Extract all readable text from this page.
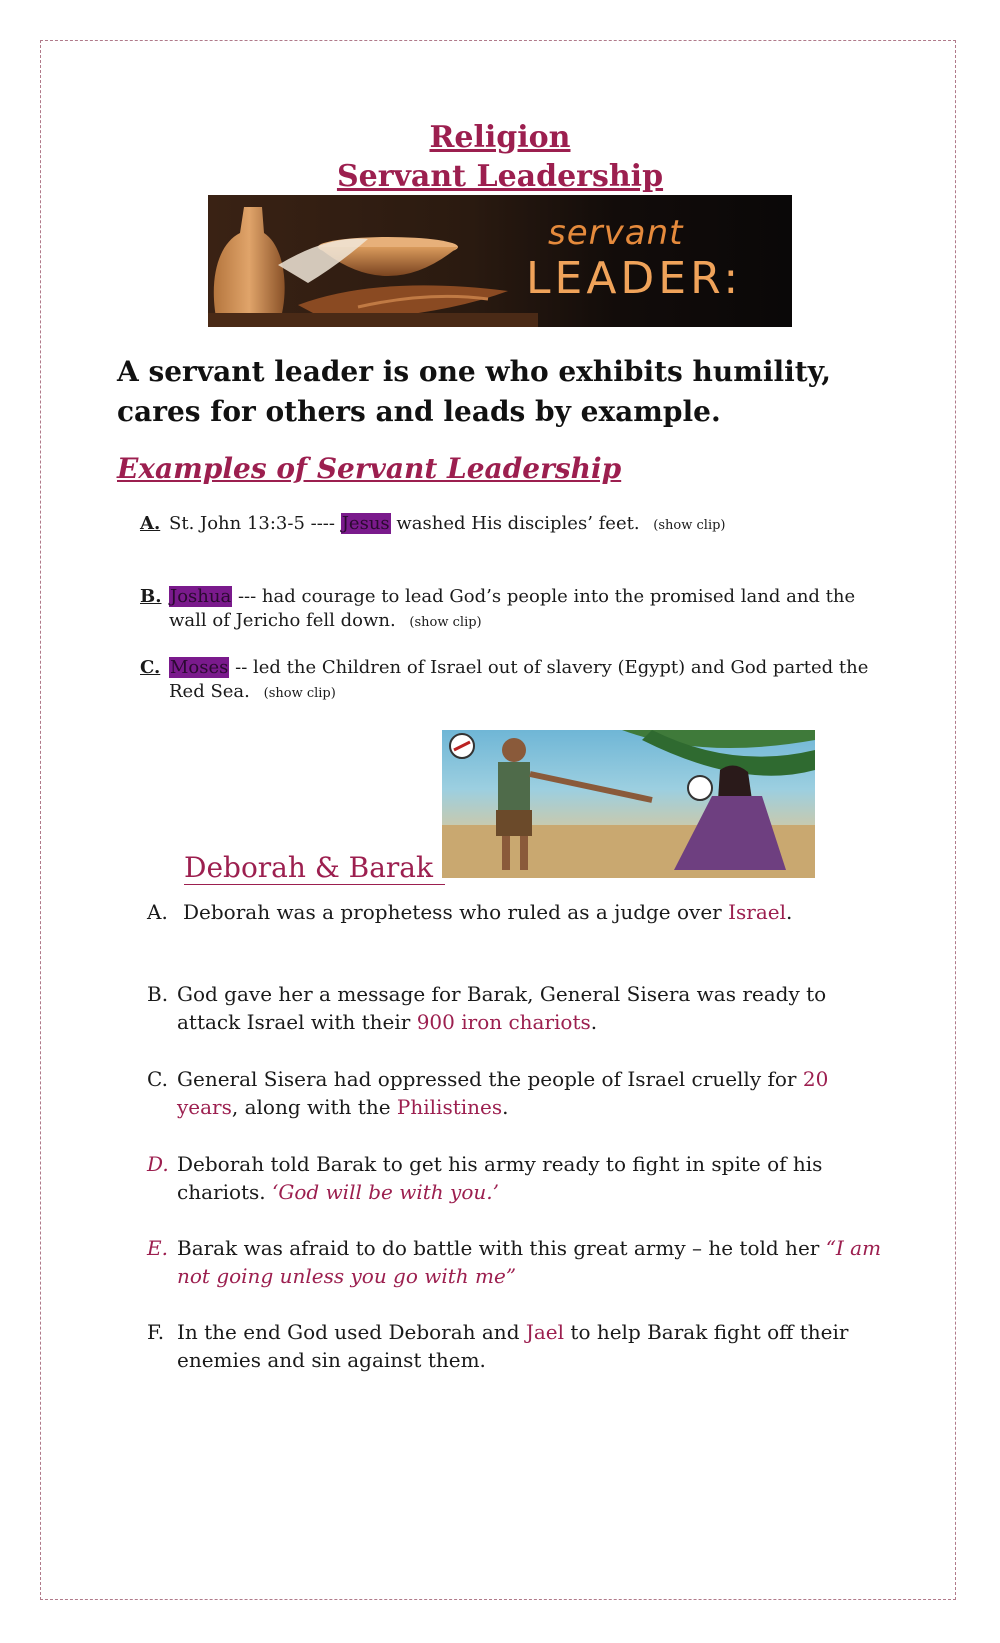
Religion
Servant Leadership
servant
LEADER:
A servant leader is one who exhibits humility, cares for others and leads by example.
Examples of Servant Leadership
A. St. John 13:3-5 ---- Jesus washed His disciples’ feet. (show clip)
B. Joshua --- had courage to lead God’s people into the promised land and the wall of Jericho fell down. (show clip)
C. Moses -- led the Children of Israel out of slavery (Egypt) and God parted the Red Sea. (show clip)
Deborah & Barak
A. Deborah was a prophetess who ruled as a judge over Israel.
B. God gave her a message for Barak, General Sisera was ready to attack Israel with their 900 iron chariots.
C. General Sisera had oppressed the people of Israel cruelly for 20 years, along with the Philistines.
D. Deborah told Barak to get his army ready to fight in spite of his chariots. ‘God will be with you.’
E. Barak was afraid to do battle with this great army – he told her “I am not going unless you go with me”
F. In the end God used Deborah and Jael to help Barak fight off their enemies and sin against them.
